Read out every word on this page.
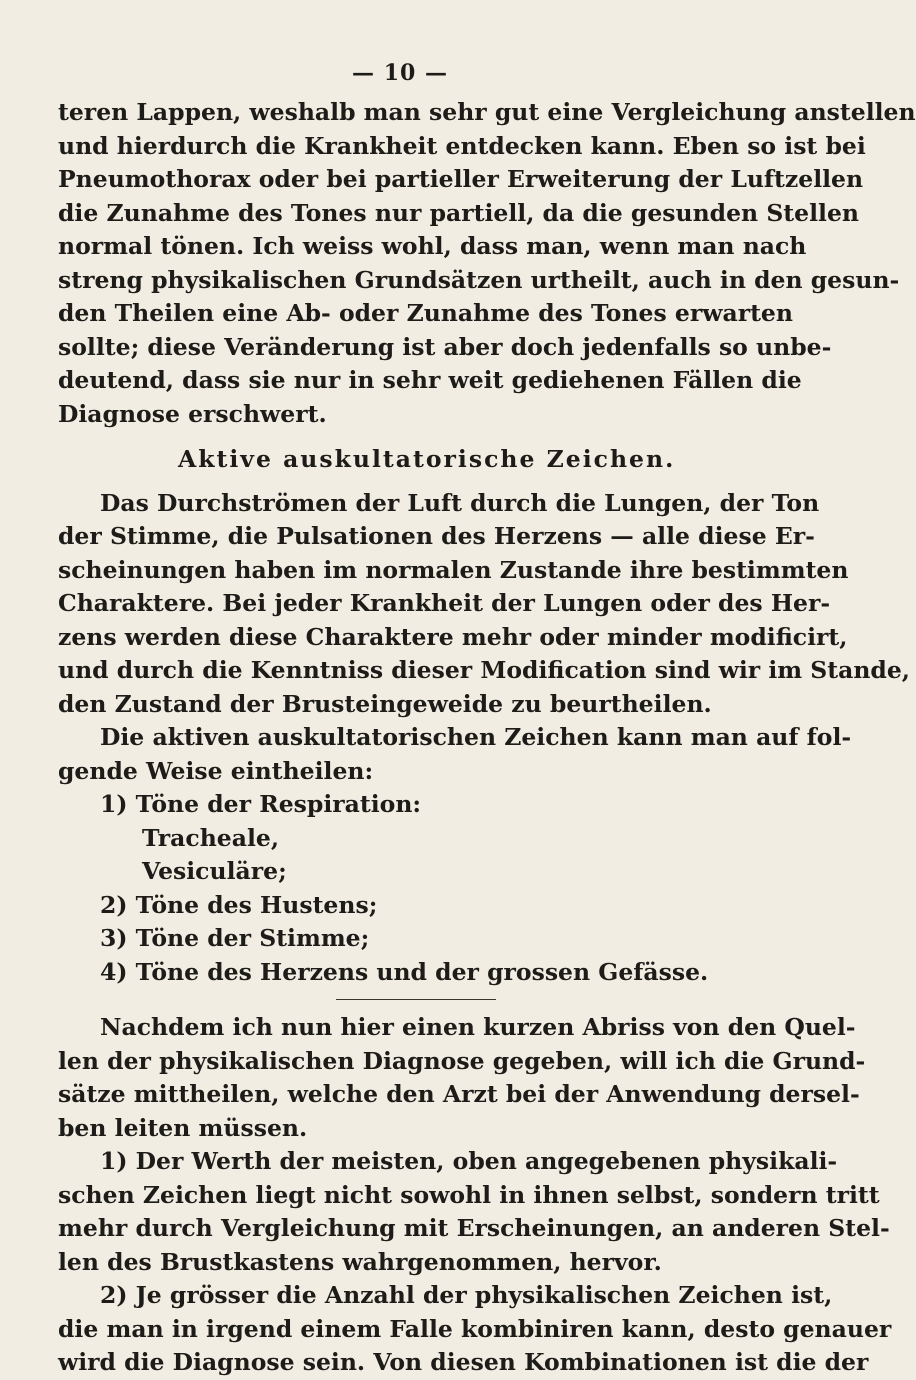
— 10 —
teren Lappen, weshalb man sehr gut eine Vergleichung anstellen
und hierdurch die Krankheit entdecken kann. Eben so ist bei
Pneumothorax oder bei partieller Erweiterung der Luftzellen
die Zunahme des Tones nur partiell, da die gesunden Stellen
normal tönen. Ich weiss wohl, dass man, wenn man nach
streng physikalischen Grundsätzen urtheilt, auch in den gesun-
den Theilen eine Ab- oder Zunahme des Tones erwarten
sollte; diese Veränderung ist aber doch jedenfalls so unbe-
deutend, dass sie nur in sehr weit gediehenen Fällen die
Diagnose erschwert.
Aktive auskultatorische Zeichen.
Das Durchströmen der Luft durch die Lungen, der Ton
der Stimme, die Pulsationen des Herzens — alle diese Er-
scheinungen haben im normalen Zustande ihre bestimmten
Charaktere. Bei jeder Krankheit der Lungen oder des Her-
zens werden diese Charaktere mehr oder minder modificirt,
und durch die Kenntniss dieser Modification sind wir im Stande,
den Zustand der Brusteingeweide zu beurtheilen.
Die aktiven auskultatorischen Zeichen kann man auf fol-
gende Weise eintheilen:
1) Töne der Respiration:
Tracheale,
Vesiculäre;
2) Töne des Hustens;
3) Töne der Stimme;
4) Töne des Herzens und der grossen Gefässe.
Nachdem ich nun hier einen kurzen Abriss von den Quel-
len der physikalischen Diagnose gegeben, will ich die Grund-
sätze mittheilen, welche den Arzt bei der Anwendung dersel-
ben leiten müssen.
1) Der Werth der meisten, oben angegebenen physikali-
schen Zeichen liegt nicht sowohl in ihnen selbst, sondern tritt
mehr durch Vergleichung mit Erscheinungen, an anderen Stel-
len des Brustkastens wahrgenommen, hervor.
2) Je grösser die Anzahl der physikalischen Zeichen ist,
die man in irgend einem Falle kombiniren kann, desto genauer
wird die Diagnose sein. Von diesen Kombinationen ist die der
